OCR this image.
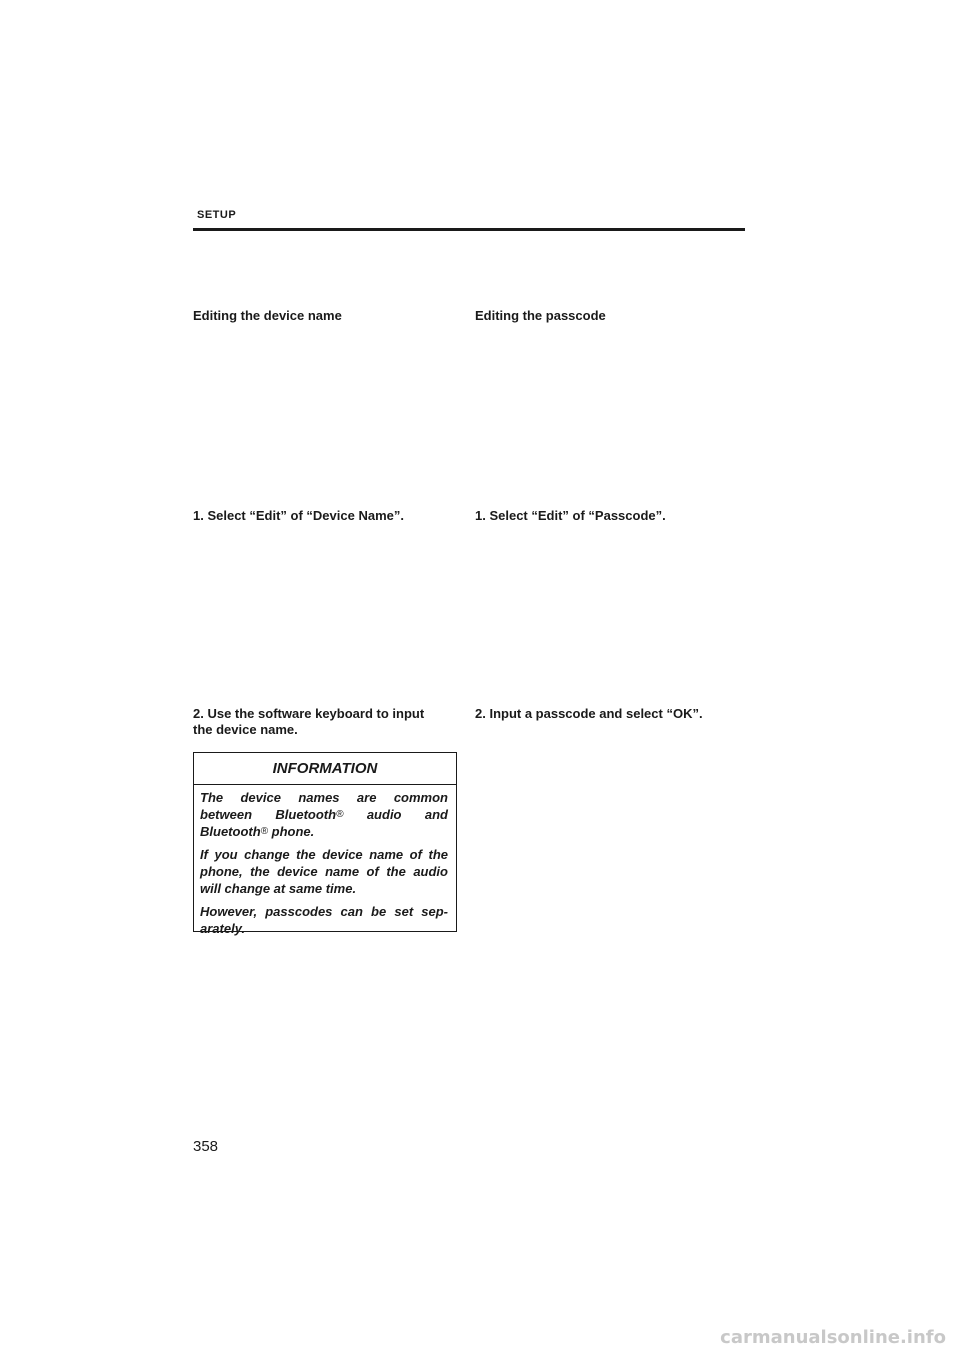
SETUP
Editing the device name	Editing the passcode
1. Select “Edit” of “Device Name”.	1. Select “Edit” of “Passcode”.
2. Use the software keyboard to input
the device name.
2. Input a passcode and select “OK”.
INFORMATION

The device names are common between Bluetooth® audio and Bluetooth® phone.

If you change the device name of the phone, the device name of the audio will change at same time.

However, passcodes can be set sep-arately.

358
carmanualsonline.info
